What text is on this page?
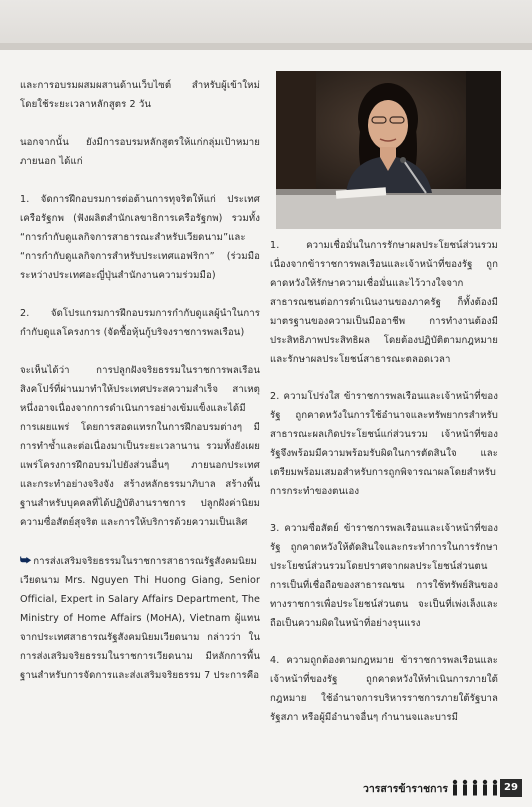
และการอบรมผสมผสานด้านเว็บไซต์ สำหรับผู้เข้าใหม่ โดยใช้ระยะเวลาหลักสูตร 2 วัน

นอกจากนั้น ยังมีการอบรมหลักสูตรให้แก่กลุ่มเป้าหมายภายนอก ได้แก่

1. จัดการฝึกอบรมการต่อต้านการทุจริตให้แก่ ประเทศเครือรัฐกพ (ฟังผลิตสำนักเลขาธิการเครือรัฐกพ) รวมทั้ง “การกำกับดูแลกิจการสาธารณะสำหรับเวียดนาม”และ “การกำกับดูแลกิจการสำหรับประเทศแอฟริกา” (ร่วมมือระหว่างประเทศอะญี่ปุ่นสำนักงานความร่วมมือ)

2. จัดโปรแกรมการฝึกอบรมการกำกับดูแลผู้นำในการกำกับดูแลโครงการ (จัดซื้อหุ้นกู้บริจงราชการพลเรือน)

จะเห็นได้ว่า การปลูกฝังจริยธรรมในราชการพลเรือนสิงคโปร์ที่ผ่านมาทำให้ประเทศประสความสำเร็จ สาเหตุหนึ่งอาจเนื่องจากการดำเนินการอย่างเข้มแข็งและได้มีการเผยแพร่ โดยการสอดแทรกในการฝึกอบรมต่างๆ มีการทำซ้ำและต่อเนื่องมาเป็นระยะเวลานาน รวมทั้งยังเผยแพร่โครงการฝึกอบรมไปยังส่วนอื่นๆ ภายนอกประเทศ และกระทำอย่างจริงจัง สร้างหลักธรรมาภิบาล สร้างพื้นฐานสำหรับบุคคลที่ได้ปฏิบัติงานราชการ ปลูกฝังค่านิยมความซื่อสัตย์สุจริต และการให้บริการด้วยความเป็นเลิศ

⮩ การส่งเสริมจริยธรรมในราชการสาธารณรัฐสังคมนิยมเวียดนาม Mrs. Nguyen Thi Huong Giang, Senior Official, Expert in Salary Affairs Department, The Ministry of Home Affairs (MoHA), Vietnam ผู้แทนจากประเทศสาธารณรัฐสังคมนิยมเวียดนาม กล่าวว่า ในการส่งเสริมจริยธรรมในราชการเวียดนาม มีหลักการพื้นฐานสำหรับการจัดการและส่งเสริมจริยธรรม 7 ประการคือ

1. ความเชื่อมั่นในการรักษาผลประโยชน์ส่วนรวม เนื่องจากข้าราชการพลเรือนและเจ้าหน้าที่ของรัฐ ถูกคาดหวังให้รักษาความเชื่อมั่นและไว้วางใจจากสาธารณชนต่อการดำเนินงานของภาครัฐ ก็ทั้งต้องมีมาตรฐานของความเป็นมืออาชีพ การทำงานต้องมีประสิทธิภาพประสิทธิผล โดยต้องปฏิบัติตามกฎหมาย และรักษาผลประโยชน์สาธารณะตลอดเวลา

2. ความโปร่งใส ข้าราชการพลเรือนและเจ้าหน้าที่ของรัฐ ถูกคาดหวังในการใช้อำนาจและทรัพยากรสำหรับสาธารณะผลเกิดประโยชน์แก่ส่วนรวม เจ้าหน้าที่ของรัฐจึงพร้อมมีความพร้อมรับผิดในการตัดสินใจ และเตรียมพร้อมเสมอสำหรับการถูกพิจารณาผลโดยสำหรับการกระทำของตนเอง

3. ความซื่อสัตย์ ข้าราชการพลเรือนและเจ้าหน้าที่ของรัฐ ถูกคาดหวังให้ตัดสินใจและกระทำการในการรักษาประโยชน์ส่วนรวมโดยปราศจากผลประโยชน์ส่วนตน การเป็นที่เชื่อถือของสาธารณชน การใช้ทรัพย์สินของทางราชการเพื่อประโยชน์ส่วนตน จะเป็นที่เพ่งเล็งและถือเป็นความผิดในหน้าที่อย่างรุนแรง

4. ความถูกต้องตามกฎหมาย ข้าราชการพลเรือนและเจ้าหน้าที่ของรัฐ ถูกคาดหวังให้ทำเนินการภายใต้กฎหมาย ใช้อำนาจการบริหารราชการภายใต้รัฐบาล รัฐสภา หรือผู้มีอำนาจอื่นๆ กำนานจและบารมี

วารสารข้าราชการ	29
